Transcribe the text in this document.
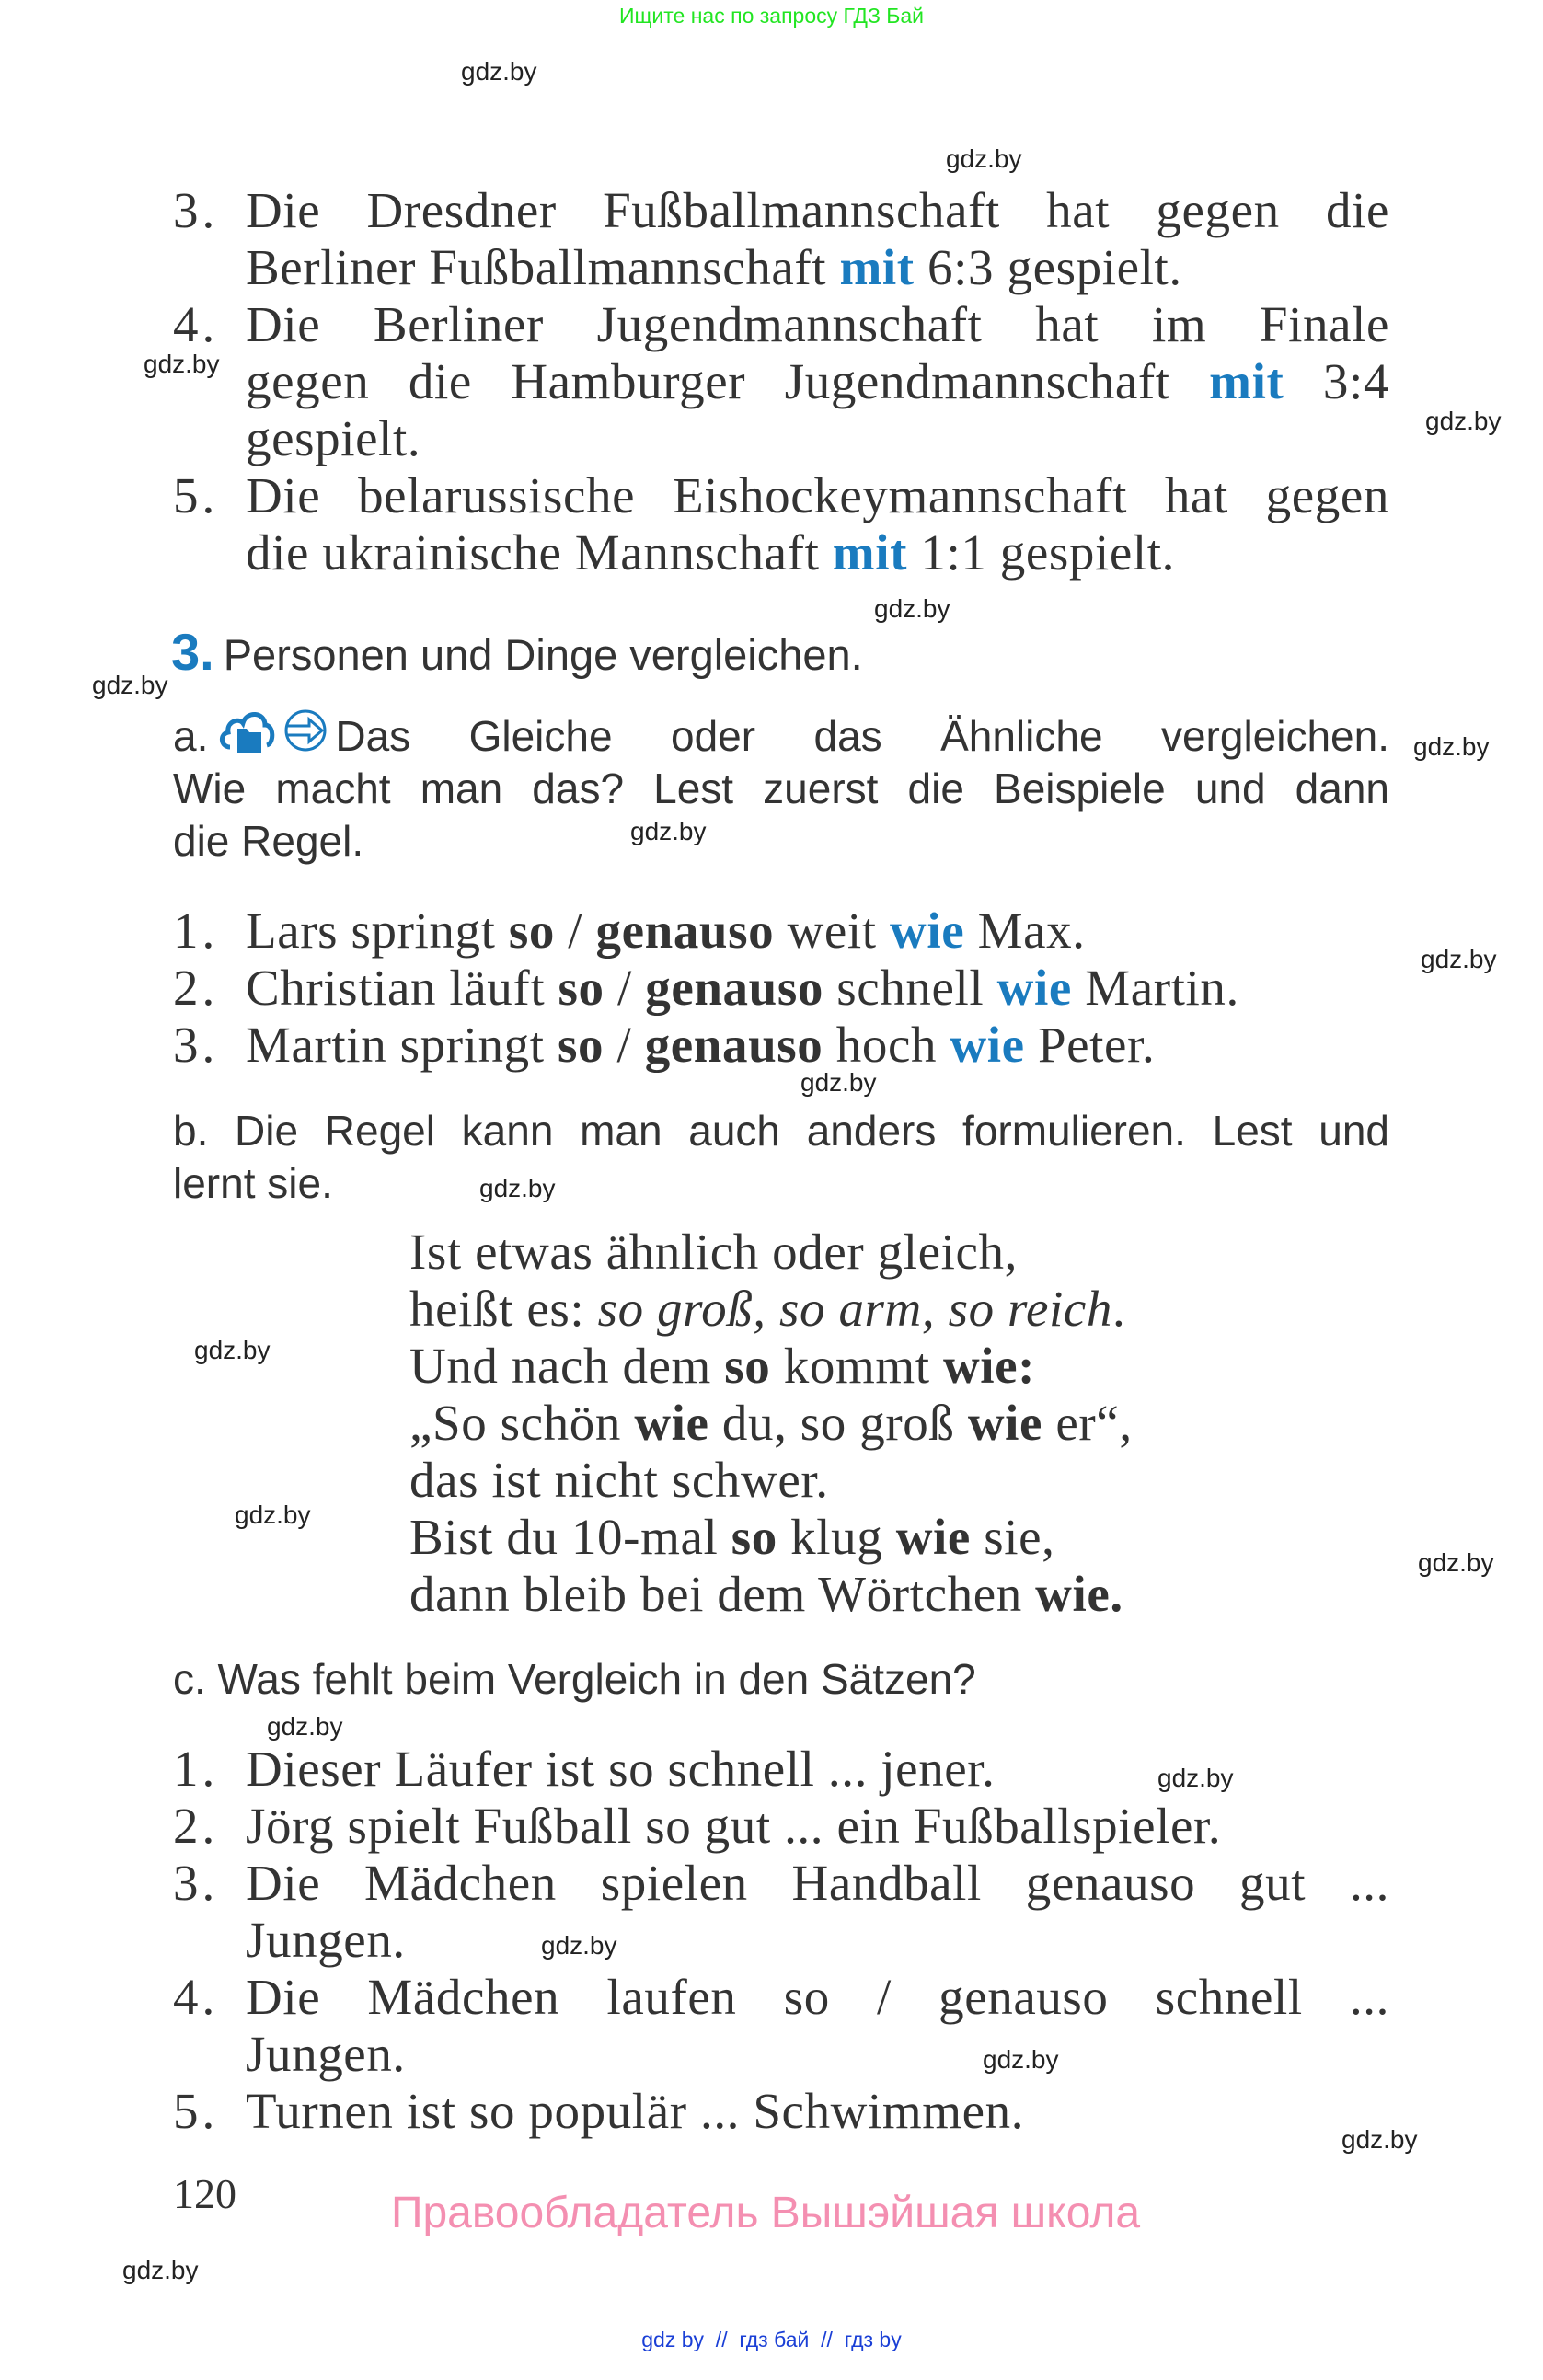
Ищите нас по запросу ГДЗ Бай
3. Die Dresdner Fußballmannschaft hat gegen die
Berliner Fußballmannschaft mit 6:3 gespielt.
4. Die Berliner Jugendmannschaft hat im Finale
gegen die Hamburger Jugendmannschaft mit 3:4
gespielt.
5. Die belarussische Eishockeymannschaft hat gegen
die ukrainische Mannschaft mit 1:1 gespielt.
3. Personen und Dinge vergleichen.
a.	Das Gleiche oder das Ähnliche vergleichen.
Wie macht man das? Lest zuerst die Beispiele und dann
die Regel.
1. Lars springt so / genauso weit wie Max.
2. Christian läuft so / genauso schnell wie Martin.
3. Martin springt so / genauso hoch wie Peter.
b. Die Regel kann man auch anders formulieren. Lest und
lernt sie.
Ist etwas ähnlich oder gleich,
heißt es: so groß, so arm, so reich.
Und nach dem so kommt wie:
„So schön wie du, so groß wie er“,
das ist nicht schwer.
Bist du 10-mal so klug wie sie,
dann bleib bei dem Wörtchen wie.
c. Was fehlt beim Vergleich in den Sätzen?
1. Dieser Läufer ist so schnell ... jener.
2. Jörg spielt Fußball so gut ... ein Fußballspieler.
3. Die Mädchen spielen Handball genauso gut ...
Jungen.
4. Die Mädchen laufen so / genauso schnell ...
Jungen.
5. Turnen ist so populär ... Schwimmen.
120	Правообладатель Вышэйшая школа
gdz by  //  гдз бай  //  гдз by
gdz.by
gdz.by
gdz.by
gdz.by
gdz.by
gdz.by
gdz.by
gdz.by
gdz.by
gdz.by
gdz.by
gdz.by
gdz.by
gdz.by
gdz.by
gdz.by
gdz.by
gdz.by
gdz.by
gdz.by
